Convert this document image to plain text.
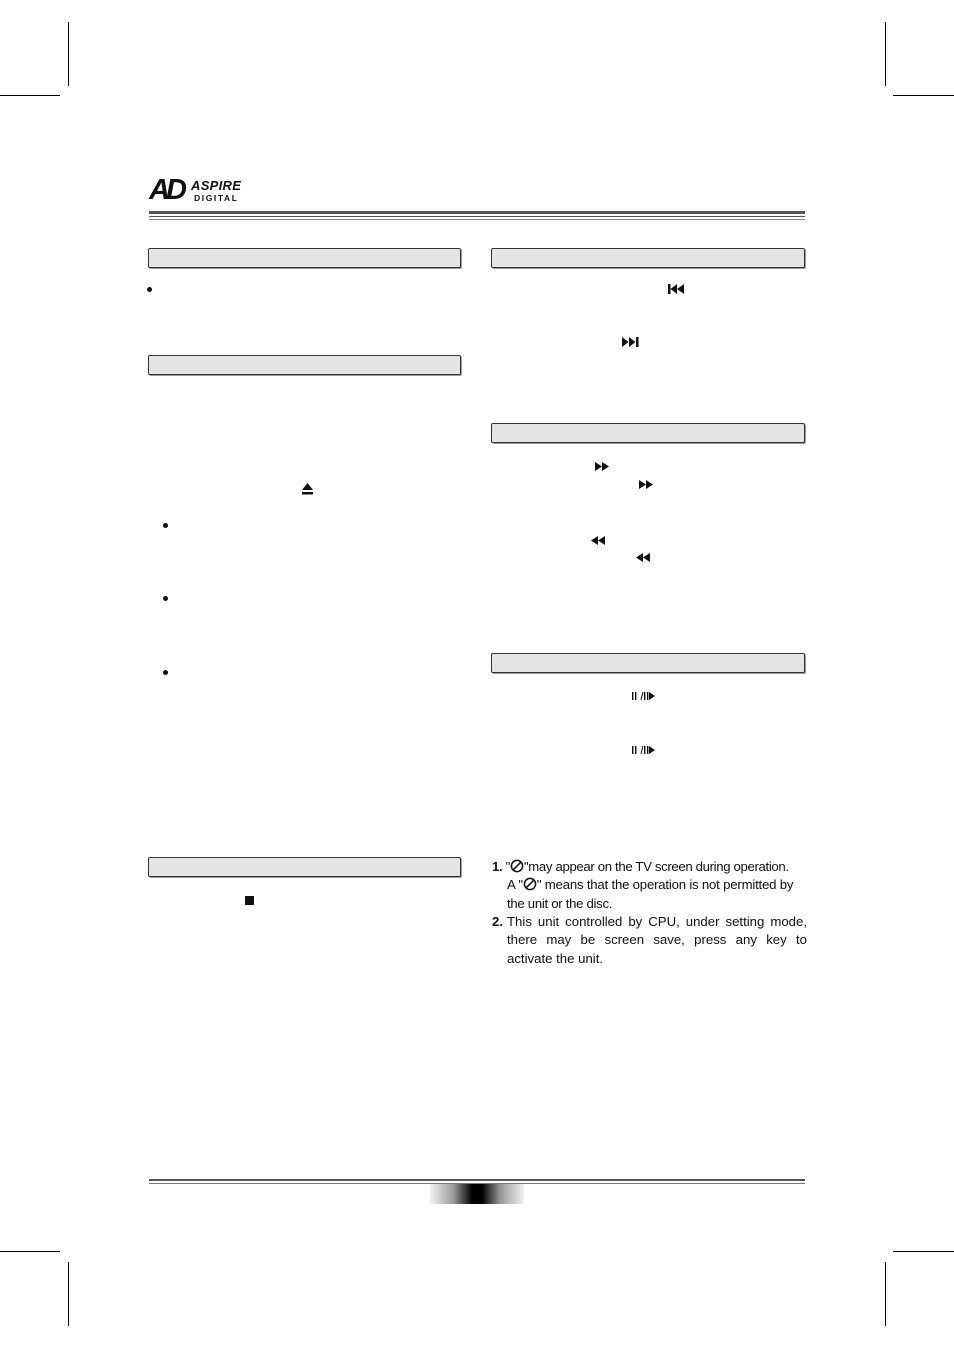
AD ASPIRE
DIGITAL
1. " "may appear on the TV screen during operation.
A " " means that the operation is not permitted by
the unit or the disc.
2. This unit controlled by CPU, under setting mode, there may be screen save, press any key to activate the unit.
